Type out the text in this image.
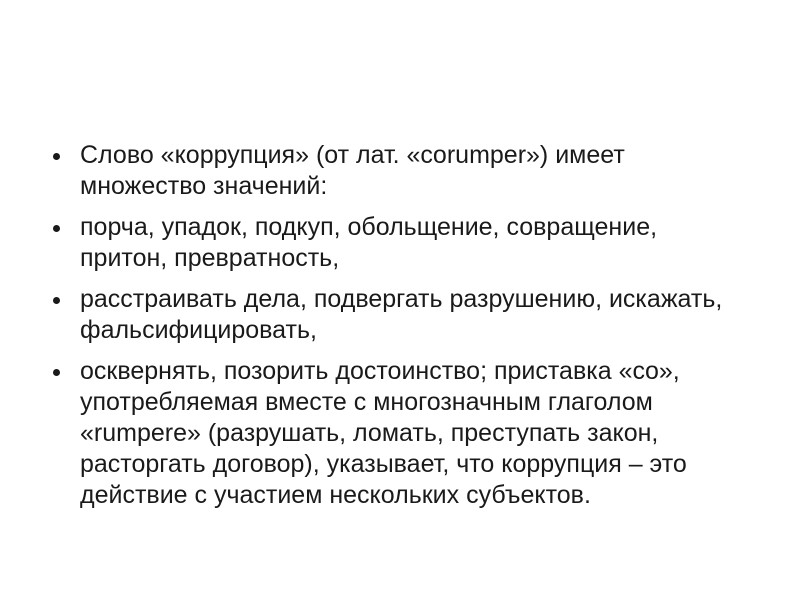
Слово «коррупция» (от лат. «corumper») имеет множество значений:
порча, упадок, подкуп, обольщение, совращение, притон, превратность,
расстраивать дела, подвергать разрушению, искажать, фальсифицировать,
осквернять, позорить достоинство; приставка «co», употребляемая вместе с многозначным глаголом «rumpere» (разрушать, ломать, преступать закон, расторгать договор), указывает, что коррупция – это действие с участием нескольких субъектов.
